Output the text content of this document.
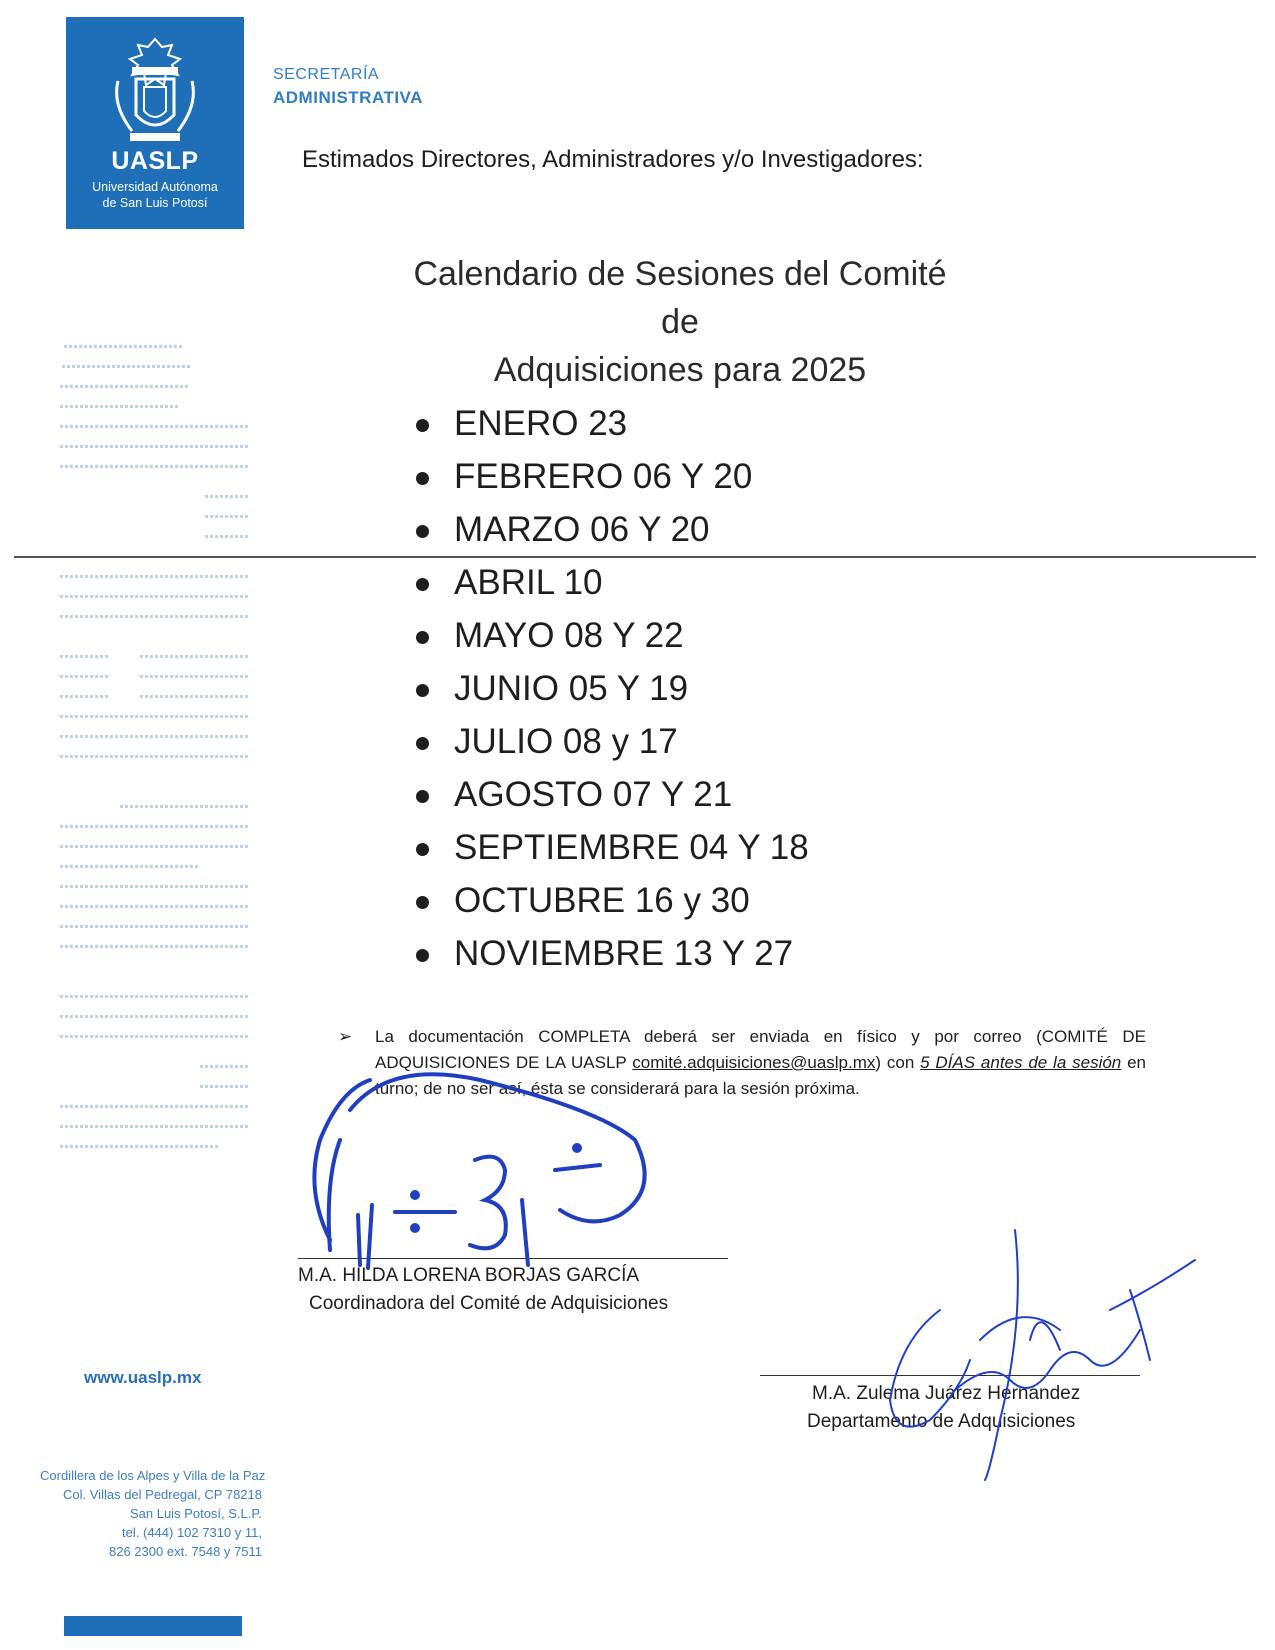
UASLP
Universidad Autónoma
de San Luis Potosí
SECRETARÍA
ADMINISTRATIVA
Estimados Directores, Administradores y/o Investigadores:
Calendario de Sesiones del Comité de
Adquisiciones para 2025
ENERO 23
FEBRERO 06 Y 20
MARZO 06 Y 20
ABRIL 10
MAYO 08 Y 22
JUNIO 05 Y 19
JULIO 08 y 17
AGOSTO 07 Y 21
SEPTIEMBRE 04 Y 18
OCTUBRE 16 y 30
NOVIEMBRE 13 Y 27
➢ La documentación COMPLETA deberá ser enviada en físico y por correo (COMITÉ DE ADQUISICIONES DE LA UASLP comité.adquisiciones@uaslp.mx) con 5 DÍAS antes de la sesión en turno; de no ser así, ésta se considerará para la sesión próxima.

M.A. HILDA LORENA BORJAS GARCÍA
Coordinadora del Comité de Adquisiciones
M.A. Zulema Juárez Hernández
Departamento de Adquisiciones
www.uaslp.mx
Cordillera de los Alpes y Villa de la Paz
Col. Villas del Pedregal, CP 78218
San Luis Potosí, S.L.P.
tel. (444) 102 7310 y 11,
826 2300 ext. 7548 y 7511
